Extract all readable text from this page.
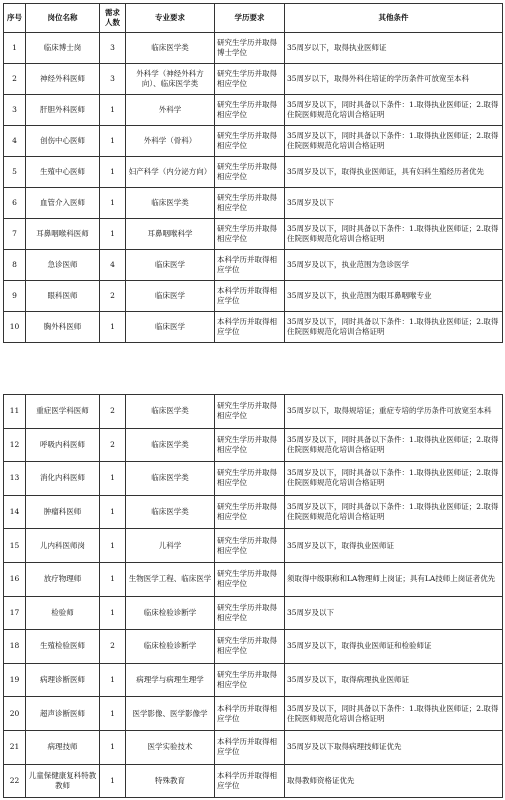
序号	岗位名称	需求人数	专业要求	学历要求	其他条件
1	临床博士岗	3	临床医学类	研究生学历并取得博士学位	35周岁以下，取得执业医师证
2	神经外科医师	3	外科学（神经外科方向）、临床医学类	研究生学历并取得相应学位	35周岁以下，取得外科住培证的学历条件可放宽至本科
3	肝胆外科医师	1	外科学	研究生学历并取得相应学位	35周岁及以下，同时具备以下条件：1.取得执业医师证；2.取得住院医师规范化培训合格证明
4	创伤中心医师	1	外科学（骨科）	研究生学历并取得相应学位	35周岁及以下，同时具备以下条件：1.取得执业医师证；2.取得住院医师规范化培训合格证明
5	生殖中心医师	1	妇产科学（内分泌方向）	研究生学历并取得相应学位	35周岁及以下，取得执业医师证，具有妇科生殖经历者优先
6	血管介入医师	1	临床医学类	研究生学历并取得相应学位	35周岁及以下
7	耳鼻咽喉科医师	1	耳鼻咽喉科学	研究生学历并取得相应学位	35周岁及以下，同时具备以下条件：1.取得执业医师证；2.取得住院医师规范化培训合格证明
8	急诊医师	4	临床医学	本科学历并取得相应学位	35周岁及以下，执业范围为急诊医学
9	眼科医师	2	临床医学	本科学历并取得相应学位	35周岁及以下，执业范围为眼耳鼻咽喉专业
10	胸外科医师	1	临床医学	本科学历并取得相应学位	35周岁及以下，同时具备以下条件：1.取得执业医师证；2.取得住院医师规范化培训合格证明
11	重症医学科医师	2	临床医学类	研究生学历并取得相应学位	35周岁以下，取得规培证；重症专培的学历条件可放宽至本科
12	呼吸内科医师	2	临床医学类	研究生学历并取得相应学位	35周岁及以下，同时具备以下条件：1.取得执业医师证；2.取得住院医师规范化培训合格证明
13	消化内科医师	1	临床医学类	研究生学历并取得相应学位	35周岁及以下，同时具备以下条件：1.取得执业医师证；2.取得住院医师规范化培训合格证明
14	肿瘤科医师	1	临床医学类	研究生学历并取得相应学位	35周岁及以下，同时具备以下条件：1.取得执业医师证；2.取得住院医师规范化培训合格证明
15	儿内科医师岗	1	儿科学	研究生学历并取得相应学位	35周岁及以下，取得执业医师证
16	放疗物理师	1	生物医学工程、临床医学	研究生学历并取得相应学位	须取得中级职称和LA物理师上岗证；具有LA技师上岗证者优先
17	检验师	1	临床检验诊断学	研究生学历并取得相应学位	35周岁及以下
18	生殖检验医师	2	临床检验诊断学	研究生学历并取得相应学位	35周岁及以下，取得执业医师证和检验师证
19	病理诊断医师	1	病理学与病理生理学	研究生学历并取得相应学位	35周岁及以下，取得病理执业医师证
20	超声诊断医师	1	医学影像、医学影像学	本科学历并取得相应学位	35周岁及以下，同时具备以下条件：1.取得执业医师证；2.取得住院医师规范化培训合格证明
21	病理技师	1	医学实验技术	本科学历并取得相应学位	35周岁及以下取得病理技师证优先
22	儿童保健康复科特教教师	1	特殊教育	本科学历并取得相应学位	取得教师资格证优先
